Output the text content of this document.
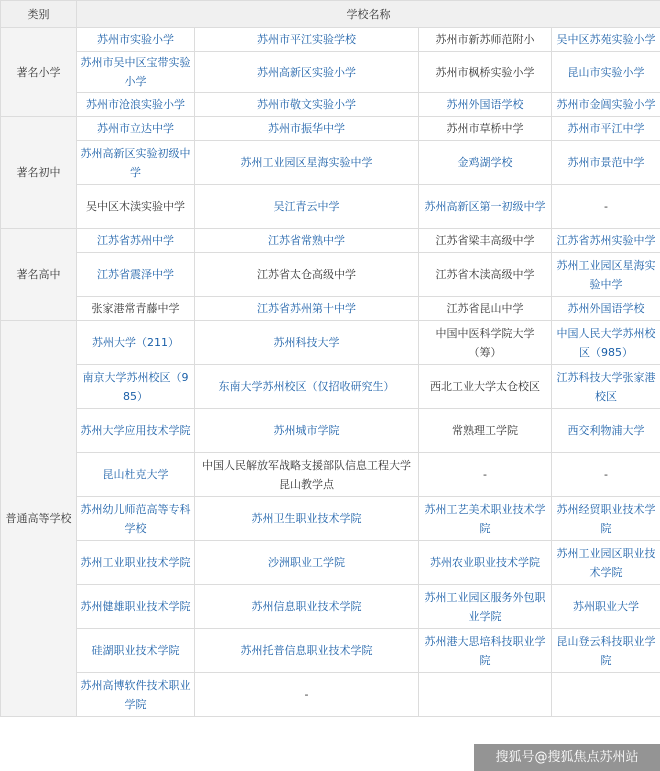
类别	学校名称			
著名小学	苏州市实验小学	苏州市平江实验学校	苏州市新苏师范附小	吴中区苏苑实验小学
	苏州市吴中区宝带实验小学	苏州高新区实验小学	苏州市枫桥实验小学	昆山市实验小学
	苏州市沧浪实验小学	苏州市敬文实验小学	苏州外国语学校	苏州市金阊实验小学
著名初中	苏州市立达中学	苏州市振华中学	苏州市草桥中学	苏州市平江中学
	苏州高新区实验初级中学	苏州工业园区星海实验中学	金鸡湖学校	苏州市景范中学
	吴中区木渎实验中学	吴江青云中学	苏州高新区第一初级中学	-
著名高中	江苏省苏州中学	江苏省常熟中学	江苏省梁丰高级中学	江苏省苏州实验中学
	江苏省震泽中学	江苏省太仓高级中学	江苏省木渎高级中学	苏州工业园区星海实验中学
	张家港常青藤中学	江苏省苏州第十中学	江苏省昆山中学	苏州外国语学校
普通高等学校	苏州大学（211）	苏州科技大学	中国中医科学院大学（筹）	中国人民大学苏州校区（985）
	南京大学苏州校区（985）	东南大学苏州校区（仅招收研究生）	西北工业大学太仓校区	江苏科技大学张家港校区
	苏州大学应用技术学院	苏州城市学院	常熟理工学院	西交利物浦大学
	昆山杜克大学	中国人民解放军战略支援部队信息工程大学昆山教学点	-	-
	苏州幼儿师范高等专科学校	苏州卫生职业技术学院	苏州工艺美术职业技术学院	苏州经贸职业技术学院
	苏州工业职业技术学院	沙洲职业工学院	苏州农业职业技术学院	苏州工业园区职业技术学院
	苏州健雄职业技术学院	苏州信息职业技术学院	苏州工业园区服务外包职业学院	苏州职业大学
	硅湖职业技术学院	苏州托普信息职业技术学院	苏州港大思培科技职业学院	昆山登云科技职业学院
	苏州高博软件技术职业学院	-		
搜狐号@搜狐焦点苏州站
